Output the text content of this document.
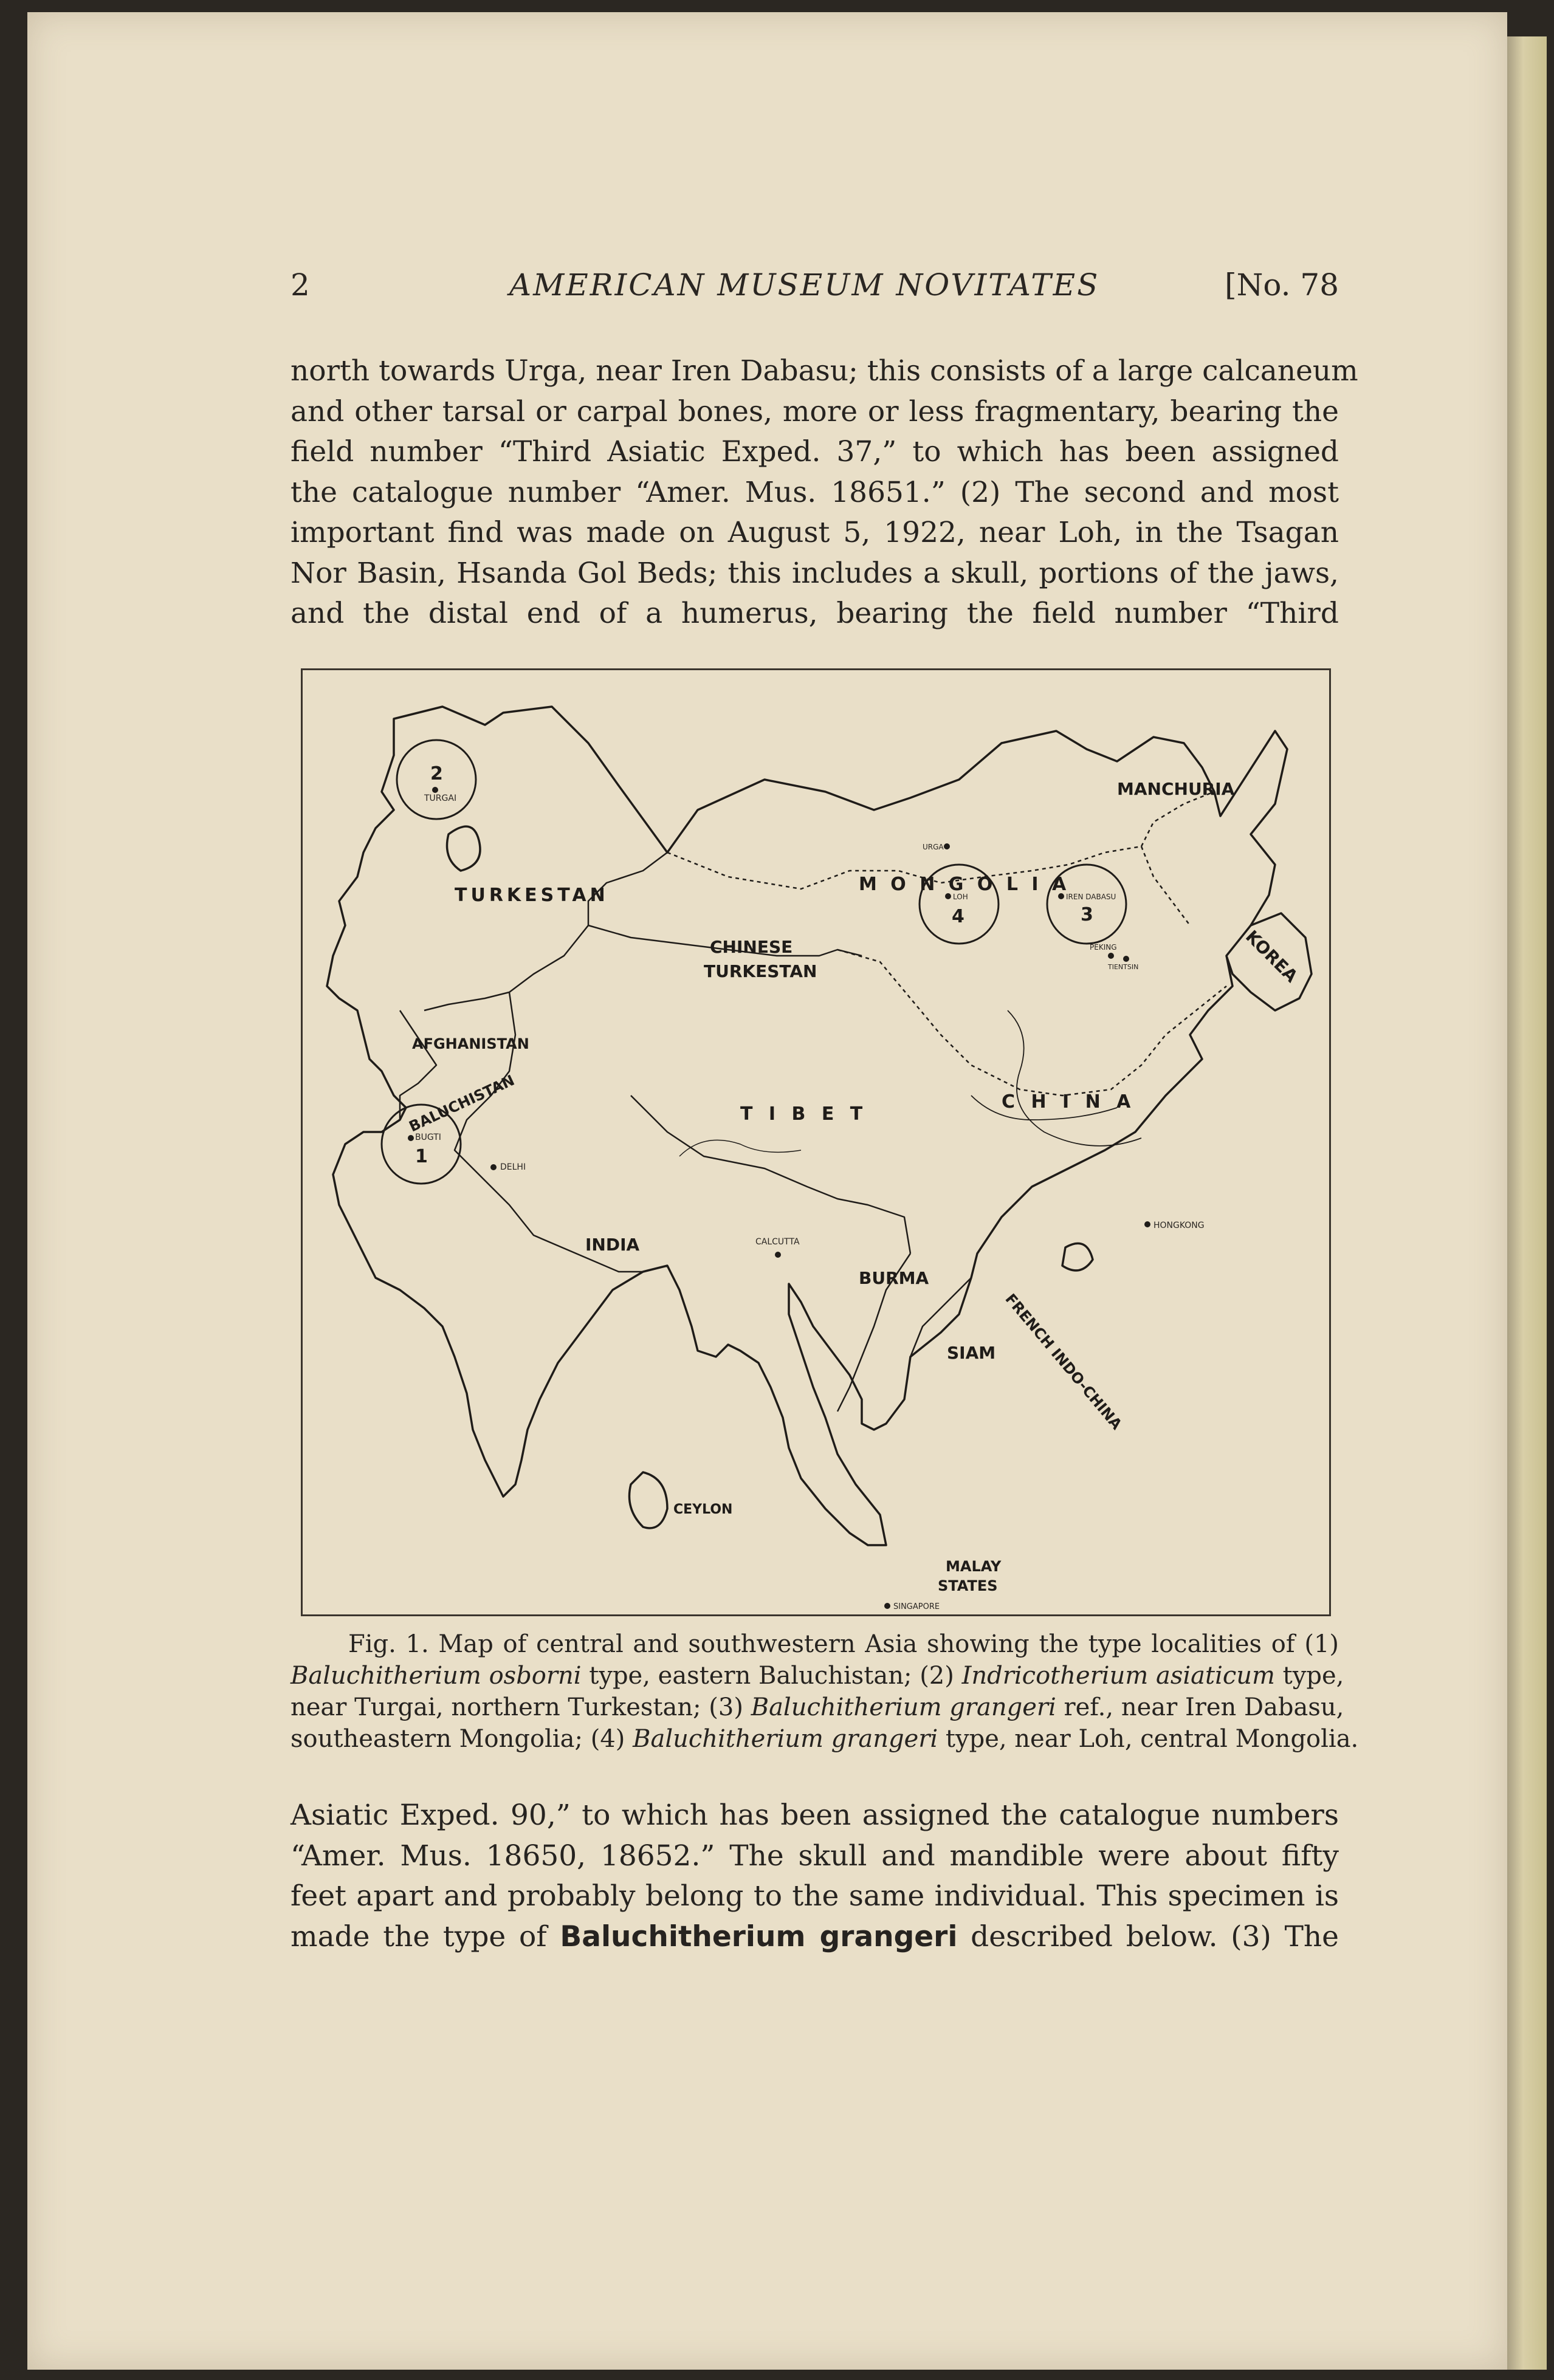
2	AMERICAN MUSEUM NOVITATES	[No. 78
north towards Urga, near Iren Dabasu; this consists of a large calcaneum
and other tarsal or carpal bones, more or less fragmentary, bearing the
field number “Third Asiatic Exped. 37,” to which has been assigned
the catalogue number “Amer. Mus. 18651.” (2) The second and most
important find was made on August 5, 1922, near Loh, in the Tsagan
Nor Basin, Hsanda Gol Beds; this includes a skull, portions of the jaws,
and the distal end of a humerus, bearing the field number “Third
TURKESTAN
AFGHANISTAN
BALUCHISTAN
CHINESE
TURKESTAN
M O N G O L I A
MANCHURIA
KOREA
T I B E T
C H I N A
INDIA
BURMA
SIAM FRENCH INDO-CHINA
MALAY
STATES
CEYLON
TURGAI
BUGTI
DELHI
CALCUTTA
URGA
LOH	IREN DABASU
PEKING
TIENTSIN
HONGKONG
SINGAPORE
2
1
4	3
Fig. 1. Map of central and southwestern Asia showing the type localities of (1)
Baluchitherium osborni type, eastern Baluchistan; (2) Indricotherium asiaticum type,
near Turgai, northern Turkestan; (3) Baluchitherium grangeri ref., near Iren Dabasu,
southeastern Mongolia; (4) Baluchitherium grangeri type, near Loh, central Mongolia.
Asiatic Exped. 90,” to which has been assigned the catalogue numbers
“Amer. Mus. 18650, 18652.” The skull and mandible were about fifty
feet apart and probably belong to the same individual. This specimen is
made the type of Baluchitherium grangeri described below. (3) The
